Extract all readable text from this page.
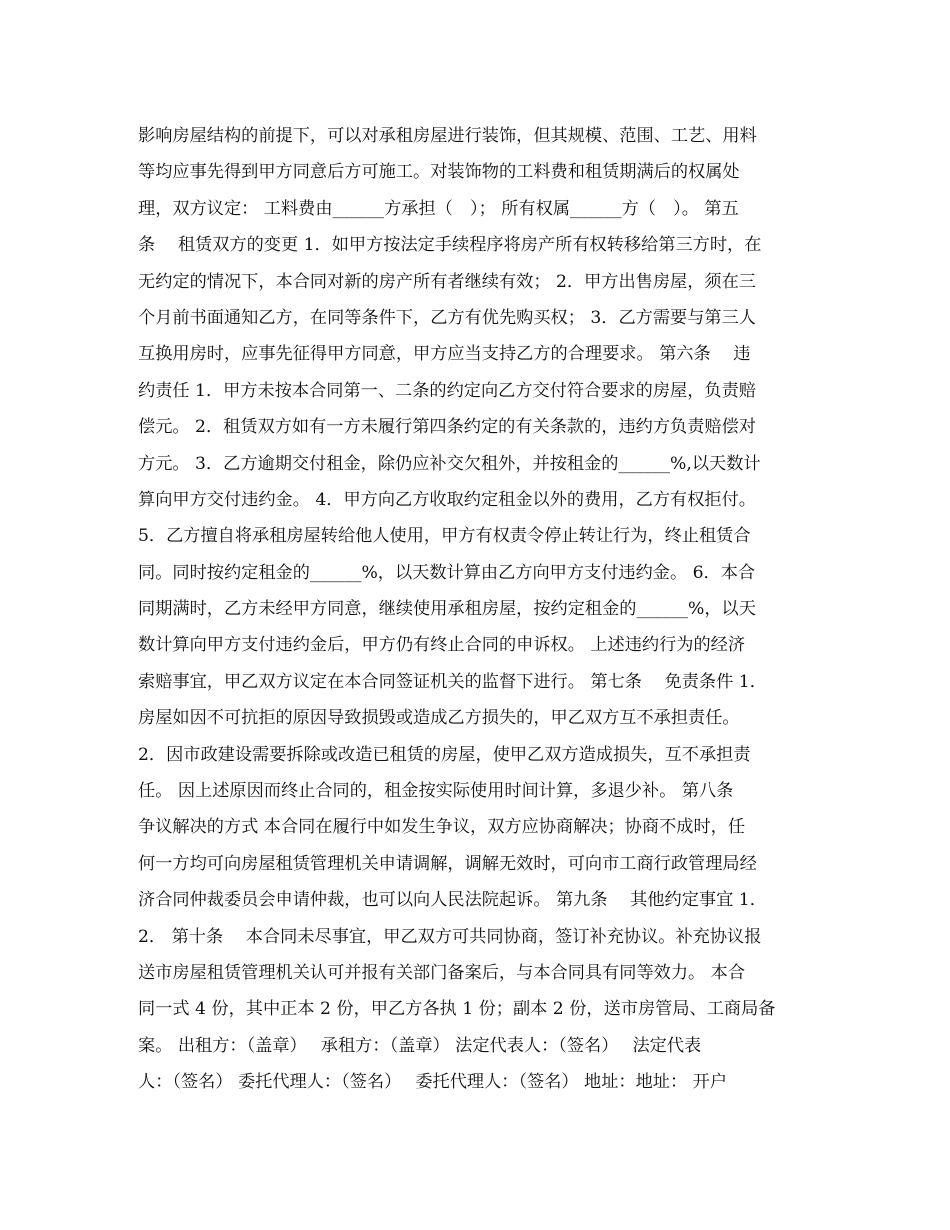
影响房屋结构的前提下，可以对承租房屋进行装饰，但其规模、范围、工艺、用料
等均应事先得到甲方同意后方可施工。对装饰物的工料费和租赁期满后的权属处
理，双方议定： 工料费由______方承担（　）； 所有权属______方（　）。 第五
条　 租赁双方的变更 1．如甲方按法定手续程序将房产所有权转移给第三方时，在
无约定的情况下，本合同对新的房产所有者继续有效； 2．甲方出售房屋，须在三
个月前书面通知乙方，在同等条件下，乙方有优先购买权； 3．乙方需要与第三人
互换用房时，应事先征得甲方同意，甲方应当支持乙方的合理要求。 第六条　 违
约责任 1．甲方未按本合同第一、二条的约定向乙方交付符合要求的房屋，负责赔
偿元。 2．租赁双方如有一方未履行第四条约定的有关条款的，违约方负责赔偿对
方元。 3．乙方逾期交付租金，除仍应补交欠租外，并按租金的______%,以天数计
算向甲方交付违约金。 4．甲方向乙方收取约定租金以外的费用，乙方有权拒付。
5．乙方擅自将承租房屋转给他人使用，甲方有权责令停止转让行为，终止租赁合
同。同时按约定租金的______%，以天数计算由乙方向甲方支付违约金。 6．本合
同期满时，乙方未经甲方同意，继续使用承租房屋，按约定租金的______%，以天
数计算向甲方支付违约金后，甲方仍有终止合同的申诉权。 上述违约行为的经济
索赔事宜，甲乙双方议定在本合同签证机关的监督下进行。 第七条　 免责条件 1．
房屋如因不可抗拒的原因导致损毁或造成乙方损失的，甲乙双方互不承担责任。
2．因市政建设需要拆除或改造已租赁的房屋，使甲乙双方造成损失，互不承担责
任。 因上述原因而终止合同的，租金按实际使用时间计算，多退少补。 第八条
争议解决的方式 本合同在履行中如发生争议，双方应协商解决；协商不成时，任
何一方均可向房屋租赁管理机关申请调解，调解无效时，可向市工商行政管理局经
济合同仲裁委员会申请仲裁，也可以向人民法院起诉。 第九条　 其他约定事宜 1．
2． 第十条　 本合同未尽事宜，甲乙双方可共同协商，签订补充协议。补充协议报
送市房屋租赁管理机关认可并报有关部门备案后，与本合同具有同等效力。 本合
同一式 4 份，其中正本 2 份，甲乙方各执 1 份；副本 2 份，送市房管局、工商局备
案。 出租方：（盖章）　 承租方：（盖章） 法定代表人：（签名）　 法定代表
人：（签名） 委托代理人：（签名）　 委托代理人：（签名） 地址：地址： 开户
